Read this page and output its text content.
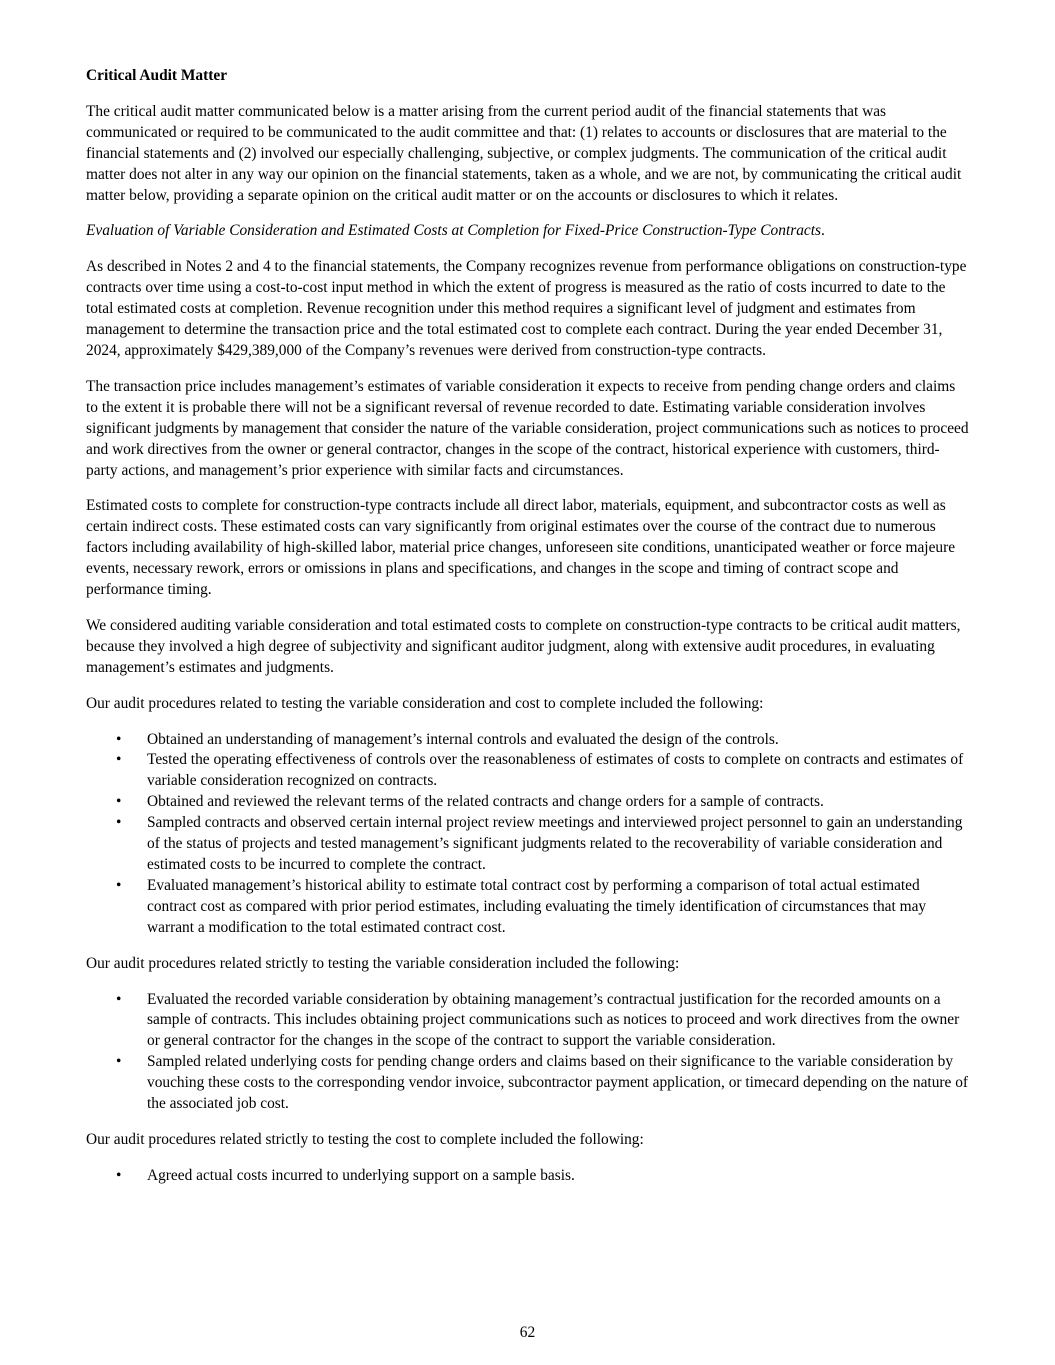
Critical Audit Matter

The critical audit matter communicated below is a matter arising from the current period audit of the financial statements that was communicated or required to be communicated to the audit committee and that: (1) relates to accounts or disclosures that are material to the financial statements and (2) involved our especially challenging, subjective, or complex judgments. The communication of the critical audit matter does not alter in any way our opinion on the financial statements, taken as a whole, and we are not, by communicating the critical audit matter below, providing a separate opinion on the critical audit matter or on the accounts or disclosures to which it relates.

Evaluation of Variable Consideration and Estimated Costs at Completion for Fixed-Price Construction-Type Contracts.

As described in Notes 2 and 4 to the financial statements, the Company recognizes revenue from performance obligations on construction-type contracts over time using a cost-to-cost input method in which the extent of progress is measured as the ratio of costs incurred to date to the total estimated costs at completion. Revenue recognition under this method requires a significant level of judgment and estimates from management to determine the transaction price and the total estimated cost to complete each contract. During the year ended December 31, 2024, approximately $429,389,000 of the Company’s revenues were derived from construction-type contracts.

The transaction price includes management’s estimates of variable consideration it expects to receive from pending change orders and claims to the extent it is probable there will not be a significant reversal of revenue recorded to date. Estimating variable consideration involves significant judgments by management that consider the nature of the variable consideration, project communications such as notices to proceed and work directives from the owner or general contractor, changes in the scope of the contract, historical experience with customers, third-party actions, and management’s prior experience with similar facts and circumstances.

Estimated costs to complete for construction-type contracts include all direct labor, materials, equipment, and subcontractor costs as well as certain indirect costs. These estimated costs can vary significantly from original estimates over the course of the contract due to numerous factors including availability of high-skilled labor, material price changes, unforeseen site conditions, unanticipated weather or force majeure events, necessary rework, errors or omissions in plans and specifications, and changes in the scope and timing of contract scope and performance timing.

We considered auditing variable consideration and total estimated costs to complete on construction-type contracts to be critical audit matters, because they involved a high degree of subjectivity and significant auditor judgment, along with extensive audit procedures, in evaluating management’s estimates and judgments.

Our audit procedures related to testing the variable consideration and cost to complete included the following:

• Obtained an understanding of management’s internal controls and evaluated the design of the controls.
• Tested the operating effectiveness of controls over the reasonableness of estimates of costs to complete on contracts and estimates of variable consideration recognized on contracts.
• Obtained and reviewed the relevant terms of the related contracts and change orders for a sample of contracts.
• Sampled contracts and observed certain internal project review meetings and interviewed project personnel to gain an understanding of the status of projects and tested management’s significant judgments related to the recoverability of variable consideration and estimated costs to be incurred to complete the contract.
• Evaluated management’s historical ability to estimate total contract cost by performing a comparison of total actual estimated contract cost as compared with prior period estimates, including evaluating the timely identification of circumstances that may warrant a modification to the total estimated contract cost.

Our audit procedures related strictly to testing the variable consideration included the following:

• Evaluated the recorded variable consideration by obtaining management’s contractual justification for the recorded amounts on a sample of contracts. This includes obtaining project communications such as notices to proceed and work directives from the owner or general contractor for the changes in the scope of the contract to support the variable consideration.
• Sampled related underlying costs for pending change orders and claims based on their significance to the variable consideration by vouching these costs to the corresponding vendor invoice, subcontractor payment application, or timecard depending on the nature of the associated job cost.

Our audit procedures related strictly to testing the cost to complete included the following:

• Agreed actual costs incurred to underlying support on a sample basis.
62
